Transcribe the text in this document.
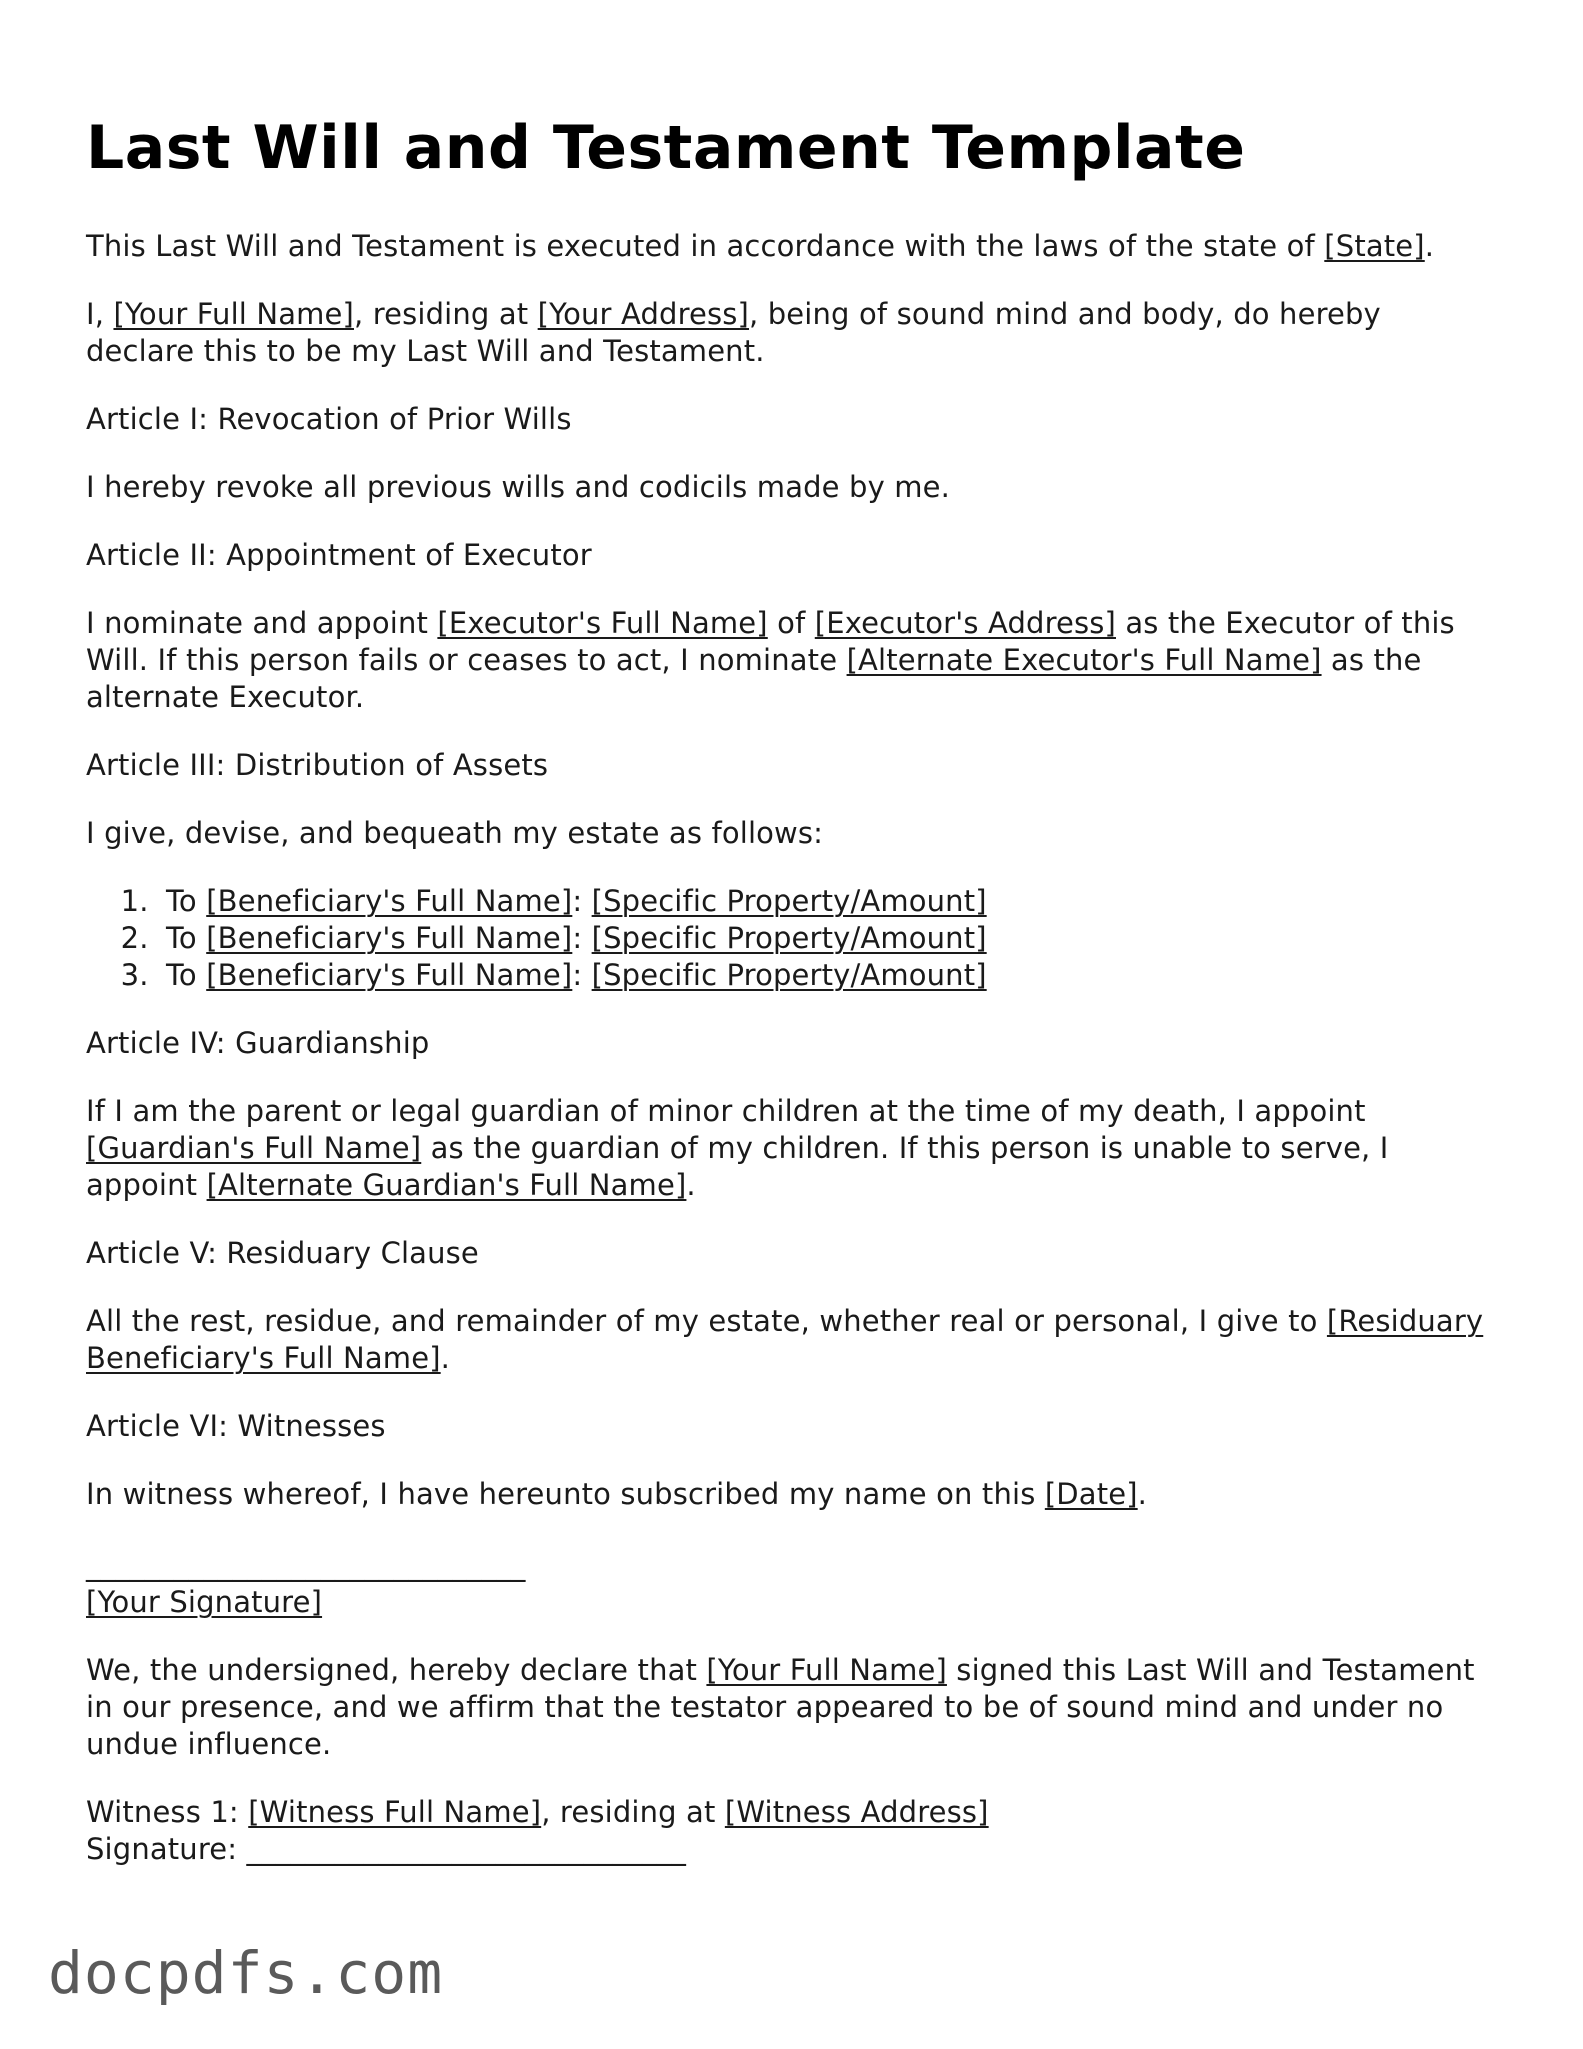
Last Will and Testament Template

This Last Will and Testament is executed in accordance with the laws of the state of [State].

I, [Your Full Name], residing at [Your Address], being of sound mind and body, do hereby declare this to be my Last Will and Testament.

Article I: Revocation of Prior Wills

I hereby revoke all previous wills and codicils made by me.

Article II: Appointment of Executor

I nominate and appoint [Executor's Full Name] of [Executor's Address] as the Executor of this Will. If this person fails or ceases to act, I nominate [Alternate Executor's Full Name] as the alternate Executor.

Article III: Distribution of Assets

I give, devise, and bequeath my estate as follows:

1. To [Beneficiary's Full Name]: [Specific Property/Amount]
2. To [Beneficiary's Full Name]: [Specific Property/Amount]
3. To [Beneficiary's Full Name]: [Specific Property/Amount]

Article IV: Guardianship

If I am the parent or legal guardian of minor children at the time of my death, I appoint [Guardian's Full Name] as the guardian of my children. If this person is unable to serve, I appoint [Alternate Guardian's Full Name].

Article V: Residuary Clause

All the rest, residue, and remainder of my estate, whether real or personal, I give to [Residuary Beneficiary's Full Name].

Article VI: Witnesses

In witness whereof, I have hereunto subscribed my name on this [Date].

______________________________

[Your Signature]

We, the undersigned, hereby declare that [Your Full Name] signed this Last Will and Testament in our presence, and we affirm that the testator appeared to be of sound mind and under no undue influence.

Witness 1: [Witness Full Name], residing at [Witness Address]

Signature: ______________________________

docpdfs.com
